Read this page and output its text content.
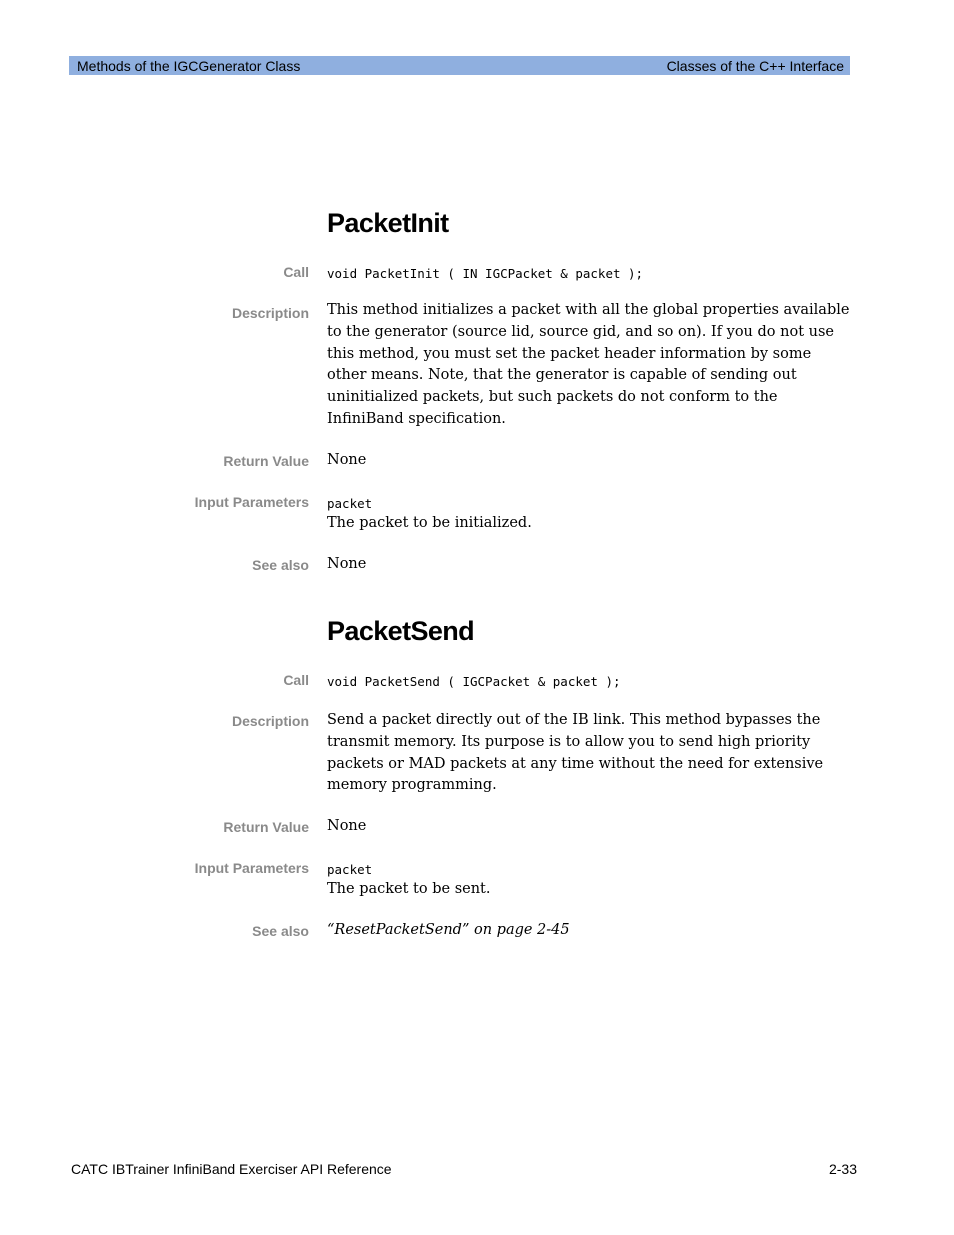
Methods of the IGCGenerator Class	Classes of the C++ Interface
PacketInit
Call void PacketInit ( IN IGCPacket & packet );
Description This method initializes a packet with all the global properties available to the generator (source lid, source gid, and so on). If you do not use this method, you must set the packet header information by some other means. Note, that the generator is capable of sending out uninitialized packets, but such packets do not conform to the InfiniBand specification.
Return Value None
Input Parameters packet
The packet to be initialized.
See also None
PacketSend
Call void PacketSend ( IGCPacket & packet );
Description Send a packet directly out of the IB link. This method bypasses the transmit memory. Its purpose is to allow you to send high priority packets or MAD packets at any time without the need for extensive memory programming.
Return Value None
Input Parameters packet
The packet to be sent.
See also “ResetPacketSend” on page 2-45
CATC IBTrainer InfiniBand Exerciser API Reference	2-33
